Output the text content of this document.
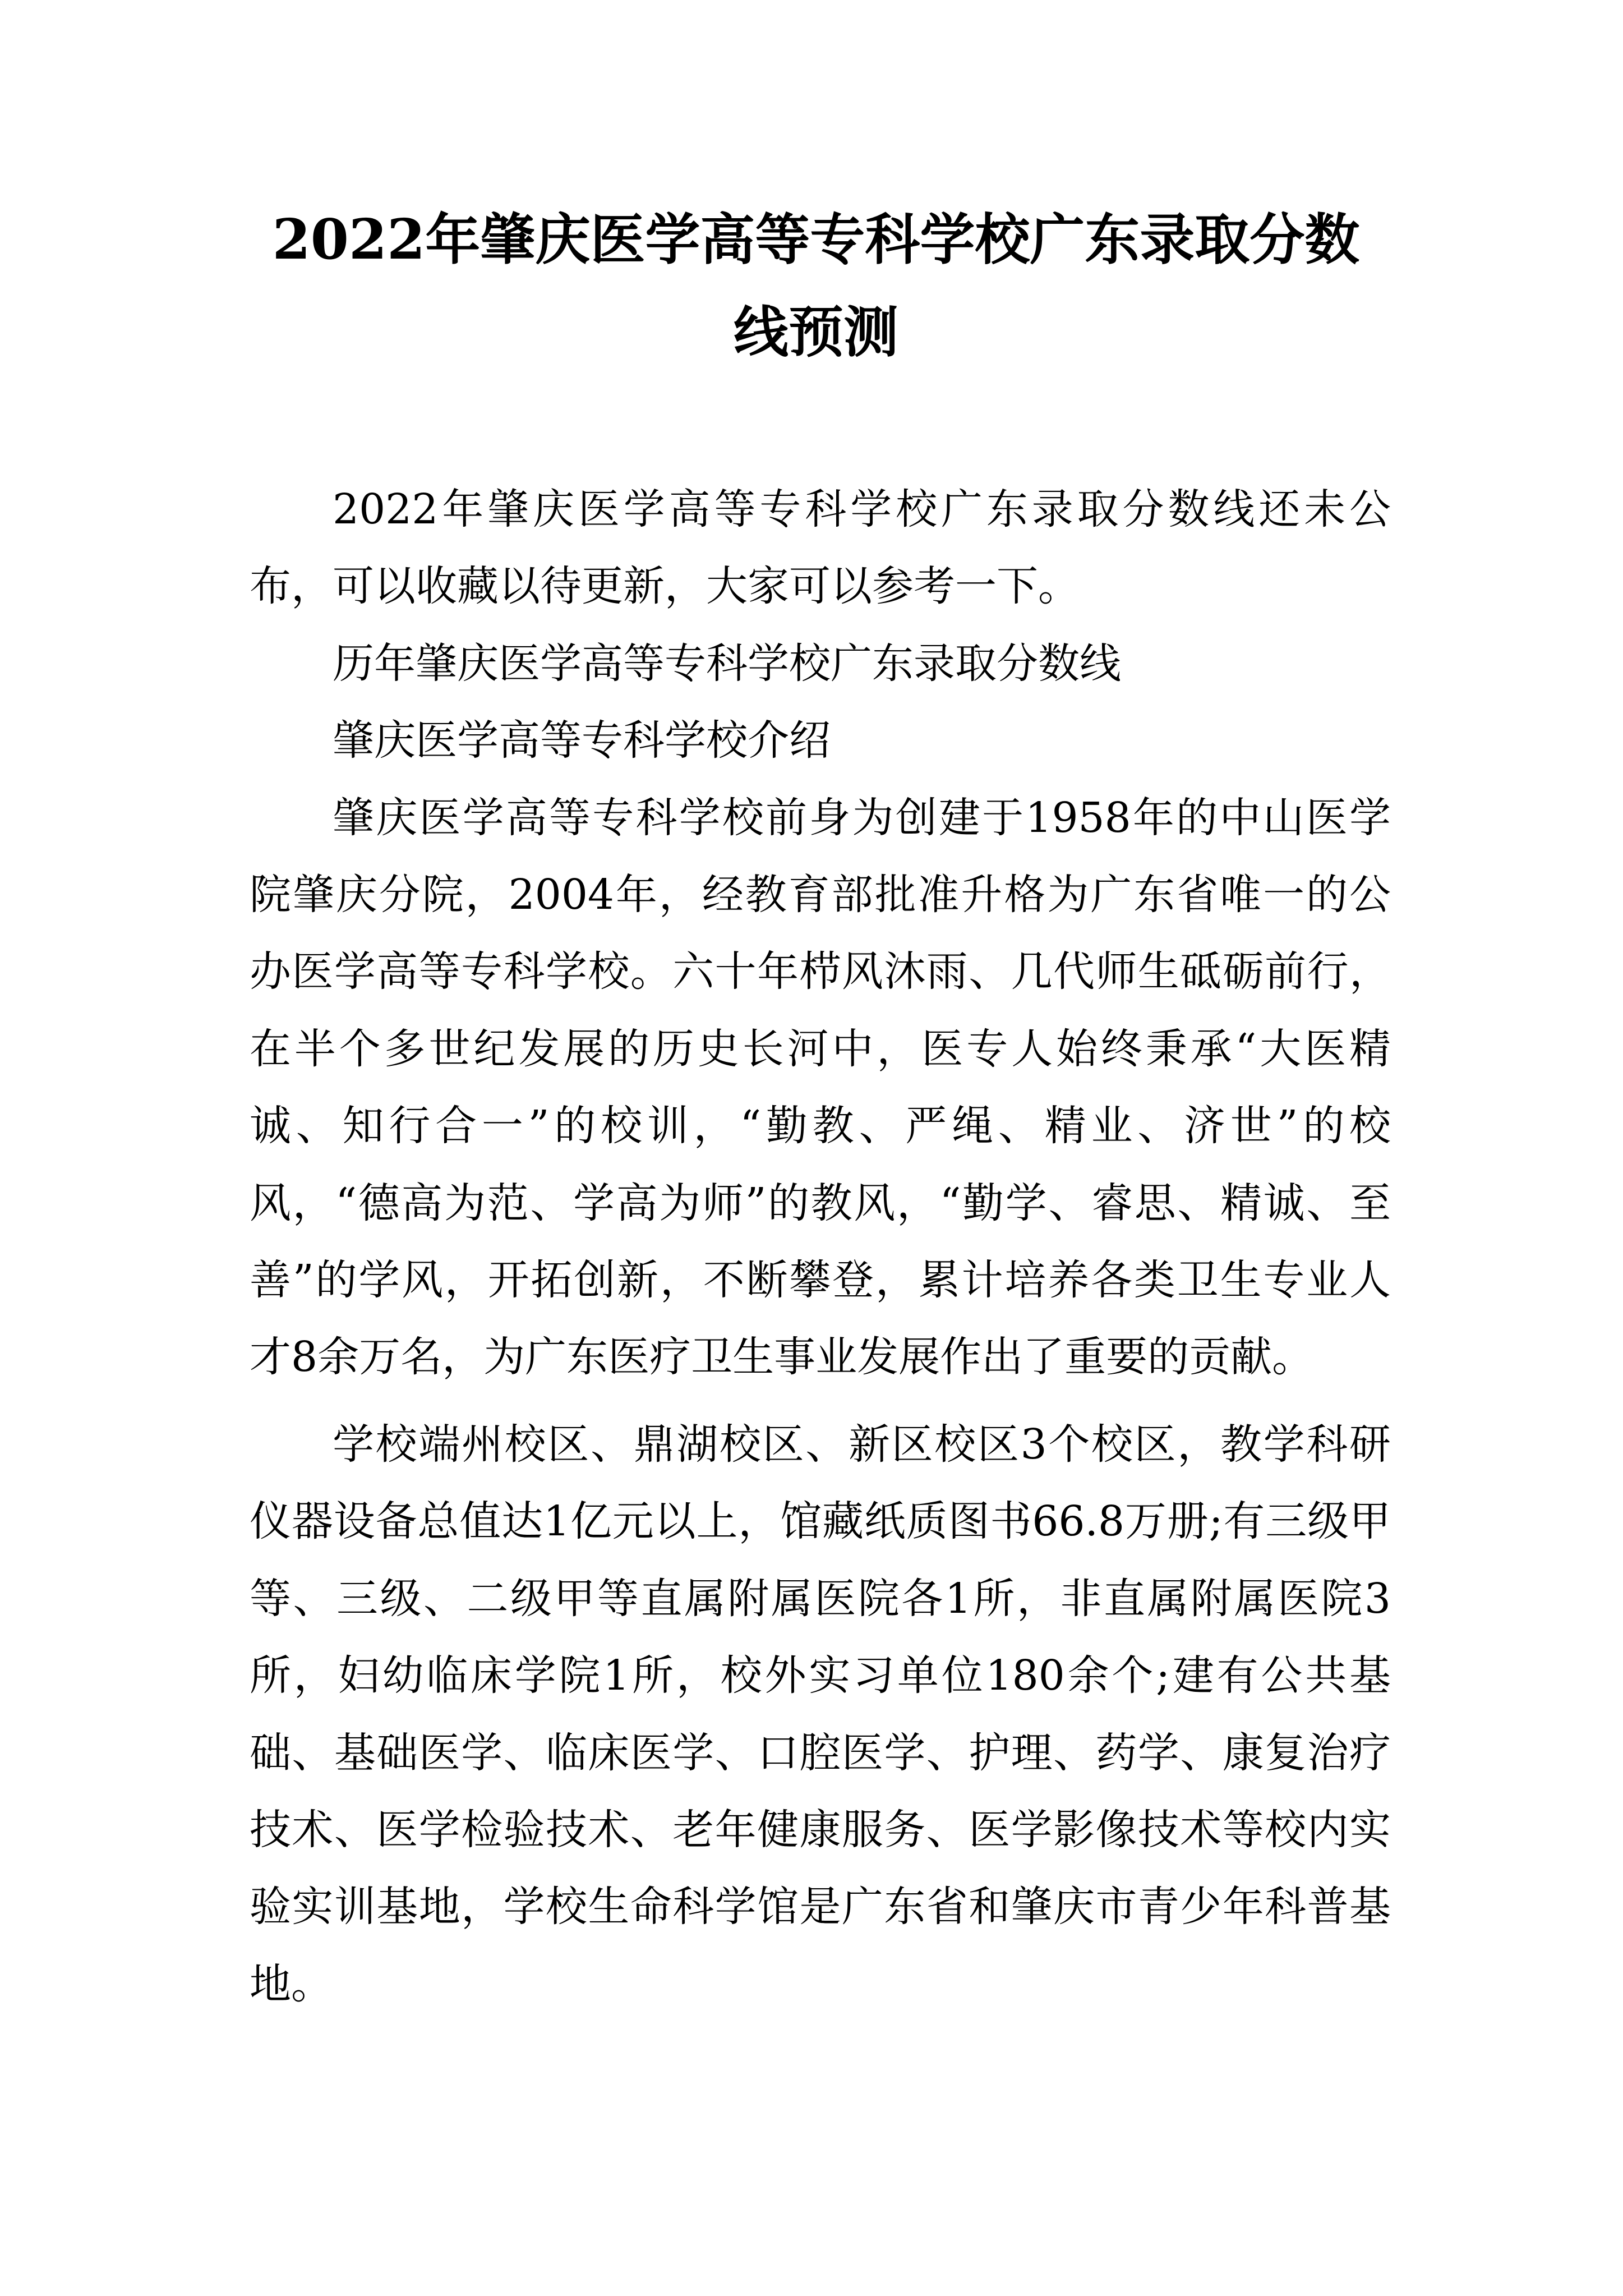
2022年肇庆医学高等专科学校广东录取分数线预测

2022年肇庆医学高等专科学校广东录取分数线还未公布，可以收藏以待更新，大家可以参考一下。

历年肇庆医学高等专科学校广东录取分数线

肇庆医学高等专科学校介绍

肇庆医学高等专科学校前身为创建于1958年的中山医学院肇庆分院，2004年，经教育部批准升格为广东省唯一的公办医学高等专科学校。六十年栉风沐雨、几代师生砥砺前行，在半个多世纪发展的历史长河中，医专人始终秉承“大医精诚、知行合一”的校训，“勤教、严绳、精业、济世”的校风，“德高为范、学高为师”的教风，“勤学、睿思、精诚、至善”的学风，开拓创新，不断攀登，累计培养各类卫生专业人才8余万名，为广东医疗卫生事业发展作出了重要的贡献。

学校端州校区、鼎湖校区、新区校区3个校区，教学科研仪器设备总值达1亿元以上，馆藏纸质图书66.8万册;有三级甲等、三级、二级甲等直属附属医院各1所，非直属附属医院3所，妇幼临床学院1所，校外实习单位180余个;建有公共基础、基础医学、临床医学、口腔医学、护理、药学、康复治疗技术、医学检验技术、老年健康服务、医学影像技术等校内实验实训基地，学校生命科学馆是广东省和肇庆市青少年科普基地。
